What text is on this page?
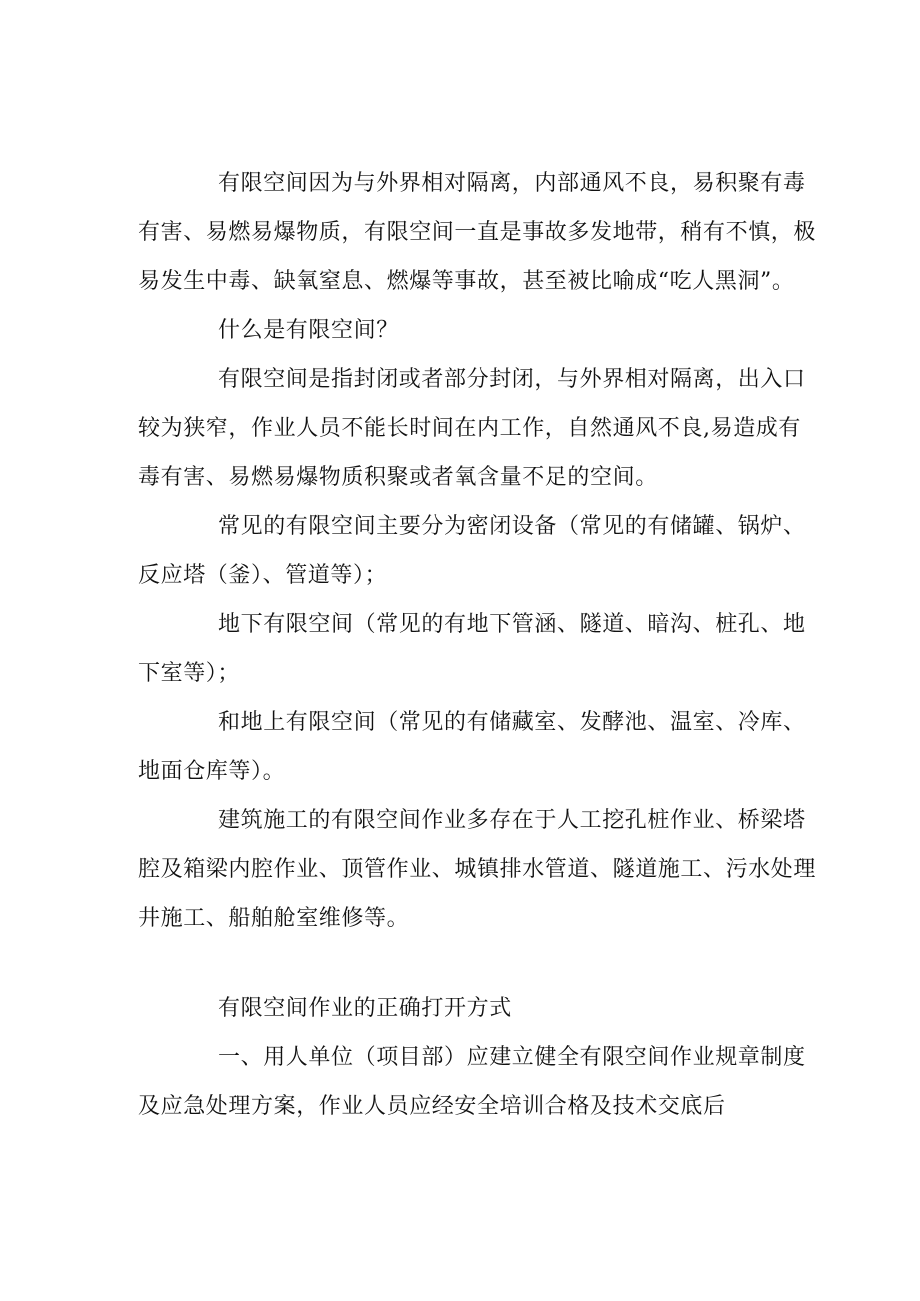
有限空间因为与外界相对隔离，内部通风不良，易积聚有毒
有害、易燃易爆物质，有限空间一直是事故多发地带，稍有不慎，极
易发生中毒、缺氧窒息、燃爆等事故，甚至被比喻成“吃人黑洞”。
什么是有限空间？
有限空间是指封闭或者部分封闭，与外界相对隔离，出入口
较为狭窄，作业人员不能长时间在内工作，自然通风不良,易造成有
毒有害、易燃易爆物质积聚或者氧含量不足的空间。
常见的有限空间主要分为密闭设备（常见的有储罐、锅炉、
反应塔（釜）、管道等）；
地下有限空间（常见的有地下管涵、隧道、暗沟、桩孔、地
下室等）；
和地上有限空间（常见的有储藏室、发酵池、温室、冷库、
地面仓库等）。
建筑施工的有限空间作业多存在于人工挖孔桩作业、桥梁塔
腔及箱梁内腔作业、顶管作业、城镇排水管道、隧道施工、污水处理
井施工、船舶舱室维修等。
有限空间作业的正确打开方式
一、用人单位（项目部）应建立健全有限空间作业规章制度
及应急处理方案，作业人员应经安全培训合格及技术交底后
